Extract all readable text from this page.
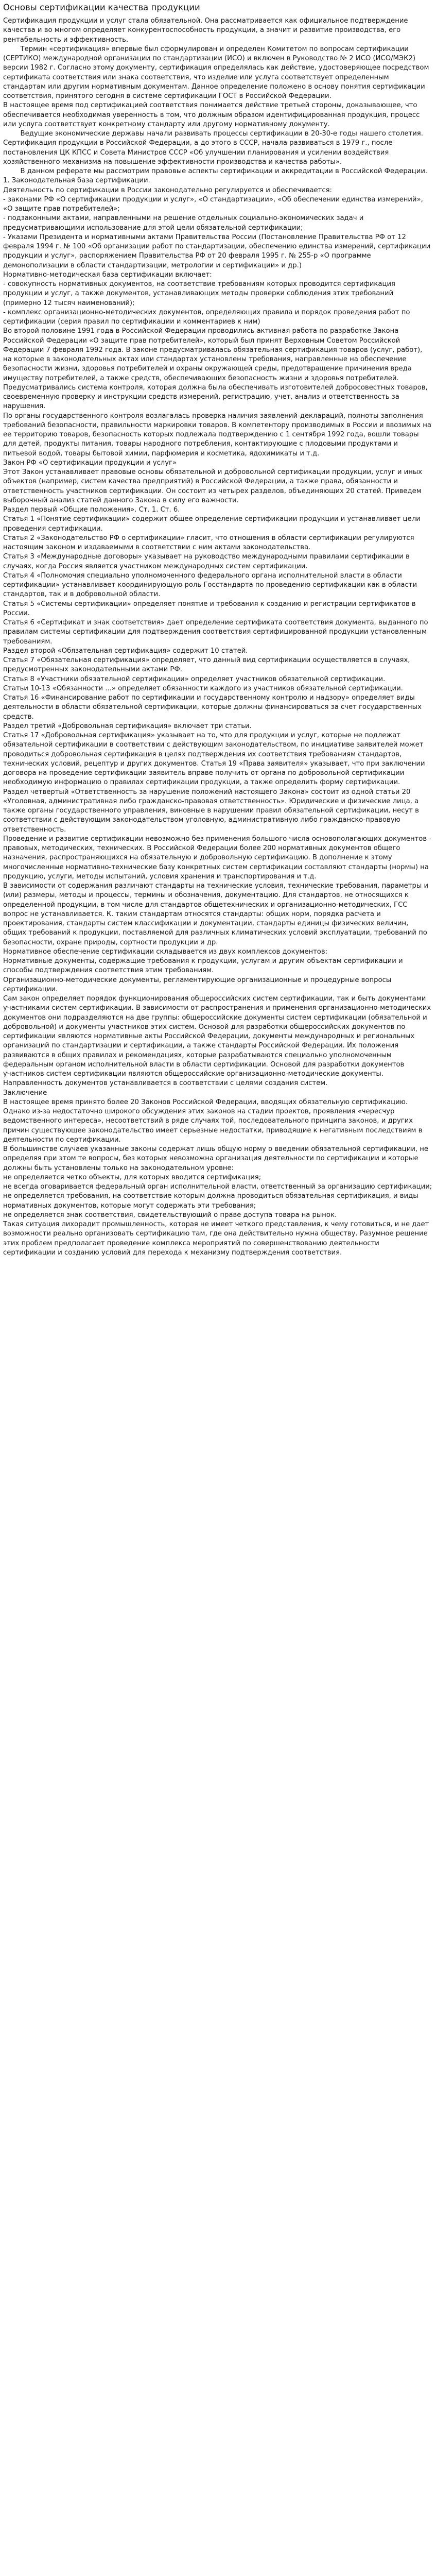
Основы сертификации качества продукции

Сертификация продукции и услуг стала обязательной. Она рассматривается как официальное подтверждение качества и во многом определяет конкурентоспособность продукции, а значит и развитие производства, его рентабельность и эффективность.

Термин «сертификация» впервые был сформулирован и определен Комитетом по вопросам сертификации (СЕРТИКО) международной организации по стандартизации (ИСО) и включен в Руководство № 2 ИСО (ИСО/МЭК2) версии 1982 г. Согласно этому документу, сертификация определялась как действие, удостоверяющее посредством сертификата соответствия или знака соответствия, что изделие или услуга соответствует определенным стандартам или другим нормативным документам. Данное определение положено в основу понятия сертификации соответствия, принятого сегодня в системе сертификации ГОСТ в Российской Федерации.

В настоящее время под сертификацией соответствия понимается действие третьей стороны, доказывающее, что обеспечивается необходимая уверенность в том, что должным образом идентифицированная продукция, процесс или услуга соответствует конкретному стандарту или другому нормативному документу.

Ведущие экономические державы начали развивать процессы сертификации в 20-30-е годы нашего столетия. Сертификация продукции в Российской Федерации, а до этого в СССР, начала развиваться в 1979 г., после постановления ЦК КПСС и Совета Министров СССР «Об улучшении планирования и усилении воздействия хозяйственного механизма на повышение эффективности производства и качества работы».

В данном реферате мы рассмотрим правовые аспекты сертификации и аккредитации в Российской Федерации.

1. Законодательная база сертификации.

Деятельность по сертификации в России законодательно регулируется и обеспечивается:

- законами РФ «О сертификации продукции и услуг», «О стандартизации», «Об обеспечении единства измерений», «О защите прав потребителей»;

- подзаконными актами, направленными на решение отдельных социально-экономических задач и предусматривающими использование для этой цели обязательной сертификации;

- Указами Президента и нормативными актами Правительства России (Постановление Правительства РФ от 12 февраля 1994 г. № 100 «Об организации работ по стандартизации, обеспечению единства измерений, сертификации продукции и услуг», распоряжением Правительства РФ от 20 февраля 1995 г. № 255-р «О программе демонополизации в области стандартизации, метрологии и сертификации» и др.)

Нормативно-методическая база сертификации включает:

- совокупность нормативных документов, на соответствие требованиям которых проводится сертификация продукции и услуг, а также документов, устанавливающих методы проверки соблюдения этих требований (примерно 12 тысяч наименований);

- комплекс организационно-методических документов, определяющих правила и порядок проведения работ по сертификации (серия правил по сертификации и комментариев к ним)

Во второй половине 1991 года в Российской Федерации проводились активная работа по разработке Закона Российской Федерации «О защите прав потребителей», который был принят Верховным Советом Российской Федерации 7 февраля 1992 года. В законе предусматривалась обязательная сертификация товаров (услуг, работ), на которые в законодательных актах или стандартах установлены требования, направленные на обеспечение безопасности жизни, здоровья потребителей и охраны окружающей среды, предотвращение причинения вреда имуществу потребителей, а также средств, обеспечивающих безопасность жизни и здоровья потребителей. Предусматривались система контроля, которая должна была обеспечивать изготовителей добросовестных товаров, своевременную проверку и инструкции средств измерений, регистрацию, учет, анализ и ответственность за нарушения.

По органы государственного контроля возлагалась проверка наличия заявлений-деклараций, полноты заполнения требований безопасности, правильности маркировки товаров. В компетентору производимых в России и ввозимых на ее территорию товаров, безопасность которых подлежала подтверждению с 1 сентября 1992 года, вошли товары для детей, продукты питания, товары народного потребления, контактирующие с плодовыми продуктами и питьевой водой, товары бытовой химии, парфюмерия и косметика, ядохимикаты и т.д.

Закон РФ «О сертификации продукции и услуг»

Этот Закон устанавливает правовые основы обязательной и добровольной сертификации продукции, услуг и иных объектов (например, систем качества предприятий) в Российской Федерации, а также права, обязанности и ответственность участников сертификации. Он состоит из четырех разделов, объединяющих 20 статей. Приведем выборочный анализ статей данного Закона в силу его важности.

Раздел первый «Общие положения». Ст. 1. Ст. 6.

Статья 1 «Понятие сертификации» содержит общее определение сертификации продукции и устанавливает цели проведения сертификации.

Статья 2 «Законодательство РФ о сертификации» гласит, что отношения в области сертификации регулируются настоящим законом и издаваемыми в соответствии с ним актами законодательства.

Статья 3 «Международные договоры» указывает на руководство международными правилами сертификации в случаях, когда Россия является участником международных систем сертификации.

Статья 4 «Полномочия специально уполномоченного федерального органа исполнительной власти в области сертификации» устанавливает координирующую роль Госстандарта по проведению сертификации как в области стандартов, так и в добровольной области.

Статья 5 «Системы сертификации» определяет понятие и требования к созданию и регистрации сертификатов в России.

Статья 6 «Сертификат и знак соответствия» дает определение сертификата соответствия документа, выданного по правилам системы сертификации для подтверждения соответствия сертифицированной продукции установленным требованиям.

Раздел второй «Обязательная сертификация» содержит 10 статей.

Статья 7 «Обязательная сертификация» определяет, что данный вид сертификации осуществляется в случаях, предусмотренных законодательными актами РФ.

Статья 8 «Участники обязательной сертификации» определяет участников обязательной сертификации.

Статьи 10-13 «Обязанности ...» определяет обязанности каждого из участников обязательной сертификации.

Статья 16 «Финансирование работ по сертификации и государственному контролю и надзору» определяет виды деятельности в области обязательной сертификации, которые должны финансироваться за счет государственных средств.

Раздел третий «Добровольная сертификация» включает три статьи.

Статья 17 «Добровольная сертификация» указывает на то, что для продукции и услуг, которые не подлежат обязательной сертификации в соответствии с действующим законодательством, по инициативе заявителей может проводиться добровольная сертификация в целях подтверждения их соответствия требованиям стандартов, технических условий, рецептур и других документов. Статья 19 «Права заявителя» указывает, что при заключении договора на проведение сертификации заявитель вправе получить от органа по добровольной сертификации необходимую информацию о правилах сертификации продукции, а также определить форму сертификации.

Раздел четвертый «Ответственность за нарушение положений настоящего Закона» состоит из одной статьи 20 «Уголовная, административная либо гражданско-правовая ответственность». Юридические и физические лица, а также органы государственного управления, виновные в нарушении правил обязательной сертификации, несут в соответствии с действующим законодательством уголовную, административную либо гражданско-правовую ответственность.

Проведение и развитие сертификации невозможно без применения большого числа основополагающих документов - правовых, методических, технических. В Российской Федерации более 200 нормативных документов общего назначения, распространяющихся на обязательную и добровольную сертификацию. В дополнение к этому многочисленные нормативно-технические базу конкретных систем сертификации составляют стандарты (нормы) на продукцию, услуги, методы испытаний, условия хранения и транспортирования и т.д.

В зависимости от содержания различают стандарты на технические условия, технические требования, параметры и (или) размеры, методы и процессы, термины и обозначения, документацию. Для стандартов, не относящихся к определенной продукции, в том числе для стандартов общетехнических и организационно-методических, ГСС вопрос не устанавливается. К. таким стандартам относятся стандарты: общих норм, порядка расчета и проектирования, стандарты систем классификации и документации, стандарты единицы физических величин, общих требований к продукции, поставляемой для различных климатических условий эксплуатации, требований по безопасности, охране природы, сортности продукции и др.

Нормативное обеспечение сертификации складывается из двух комплексов документов:

Нормативные документы, содержащие требования к продукции, услугам и другим объектам сертификации и способы подтверждения соответствия этим требованиям.

Организационно-методические документы, регламентирующие организационные и процедурные вопросы сертификации.

Сам закон определяет порядок функционирования общероссийских систем сертификации, так и быть документами участниками систем сертификации. В зависимости от распространения и применения организационно-методических документов они подразделяются на две группы: общероссийские документы систем сертификации (обязательной и добровольной) и документы участников этих систем. Основой для разработки общероссийских документов по сертификации являются нормативные акты Российской Федерации, документы международных и региональных организаций по стандартизации и сертификации, а также стандарты Российской Федерации. Их положения развиваются в общих правилах и рекомендациях, которые разрабатываются специально уполномоченным федеральным органом исполнительной власти в области сертификации. Основой для разработки документов участников систем сертификации являются общероссийские организационно-методические документы. Направленность документов устанавливается в соответствии с целями создания систем.

Заключение

В настоящее время принято более 20 Законов Российской Федерации, вводящих обязательную сертификацию. Однако из-за недостаточно широкого обсуждения этих законов на стадии проектов, проявления «чересчур ведомственного интереса», несоответствий в ряде случаях той, последовательного принципа законов, и других причин существующее законодательство имеет серьезные недостатки, приводящие к негативным последствиям в деятельности по сертификации.

В большинстве случаев указанные законы содержат лишь общую норму о введении обязательной сертификации, не определяя при этом те вопросы, без которых невозможна организация деятельности по сертификации и которые должны быть установлены только на законодательном уровне:

не определяется четко объекты, для которых вводится сертификация;

не всегда оговаривается федеральный орган исполнительной власти, ответственный за организацию сертификации;

не определяется требования, на соответствие которым должна проводиться обязательная сертификация, и виды нормативных документов, которые могут содержать эти требования;

не определяется знак соответствия, свидетельствующий о праве доступа товара на рынок.

Такая ситуация лихорадит промышленность, которая не имеет четкого представления, к чему готовиться, и не дает возможности реально организовать сертификацию там, где она действительно нужна обществу. Разумное решение этих проблем предполагает проведение комплекса мероприятий по совершенствованию деятельности сертификации и созданию условий для перехода к механизму подтверждения соответствия.
